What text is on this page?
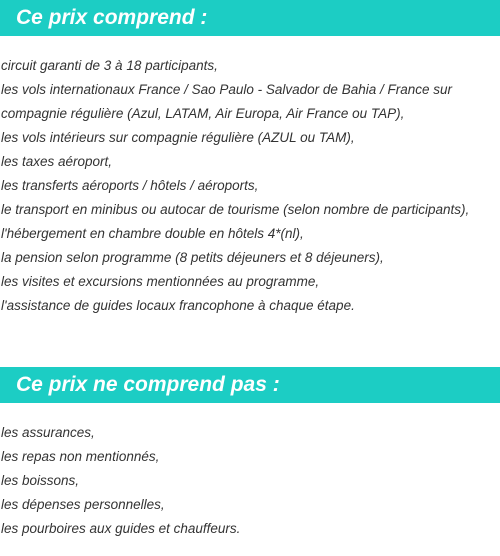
Ce prix comprend :
circuit garanti de 3 à 18 participants,
les vols internationaux France / Sao Paulo - Salvador de Bahia / France sur compagnie régulière (Azul, LATAM, Air Europa, Air France ou TAP),
les vols intérieurs sur compagnie régulière (AZUL ou TAM),
les taxes aéroport,
les transferts aéroports / hôtels / aéroports,
le transport en minibus ou autocar de tourisme (selon nombre de participants),
l'hébergement en chambre double en hôtels 4*(nl),
la pension selon programme (8 petits déjeuners et 8 déjeuners),
les visites et excursions mentionnées au programme,
l'assistance de guides locaux francophone à chaque étape.
Ce prix ne comprend pas :
les assurances,
les repas non mentionnés,
les boissons,
les dépenses personnelles,
les pourboires aux guides et chauffeurs.
